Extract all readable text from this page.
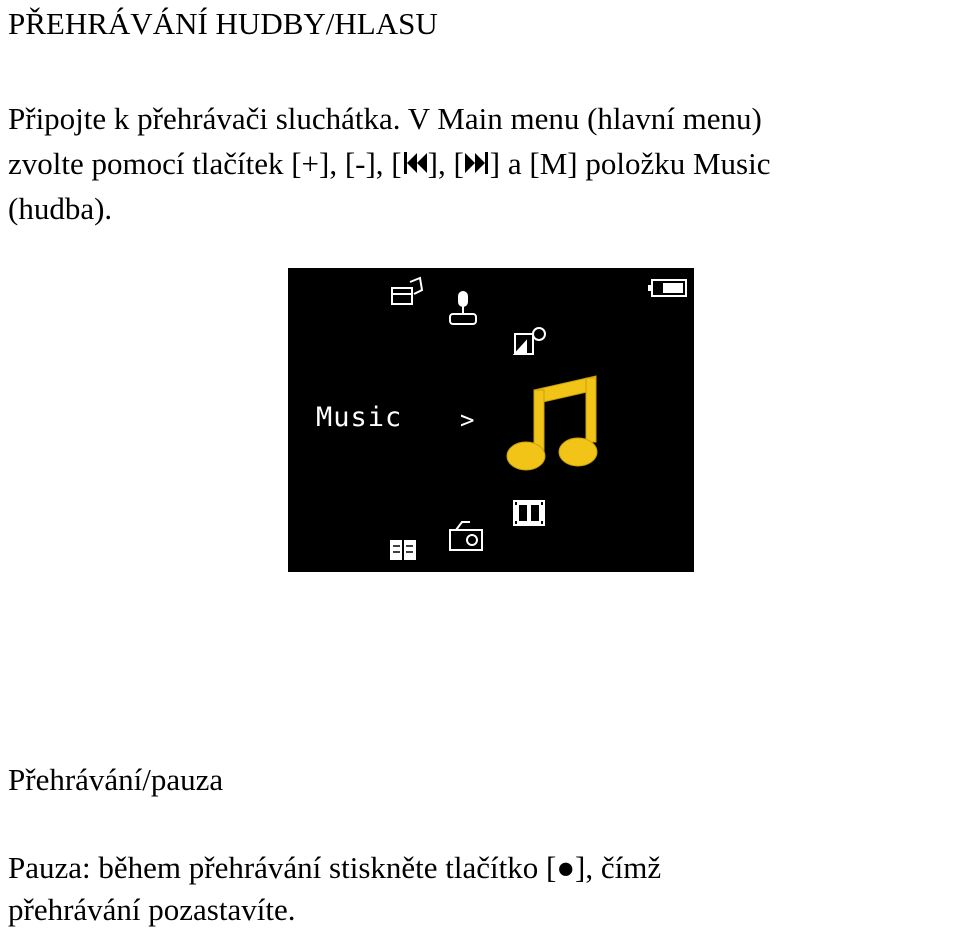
PŘEHRÁVÁNÍ HUDBY/HLASU
Připojte k přehrávači sluchátka. V Main menu (hlavní menu)
zvolte pomocí tlačítek [+], [-], [ ], [ ] a [M] položku Music
(hudba).
Music >
Přehrávání/pauza
Pauza: během přehrávání stiskněte tlačítko [●], čímž
přehrávání pozastavíte.
